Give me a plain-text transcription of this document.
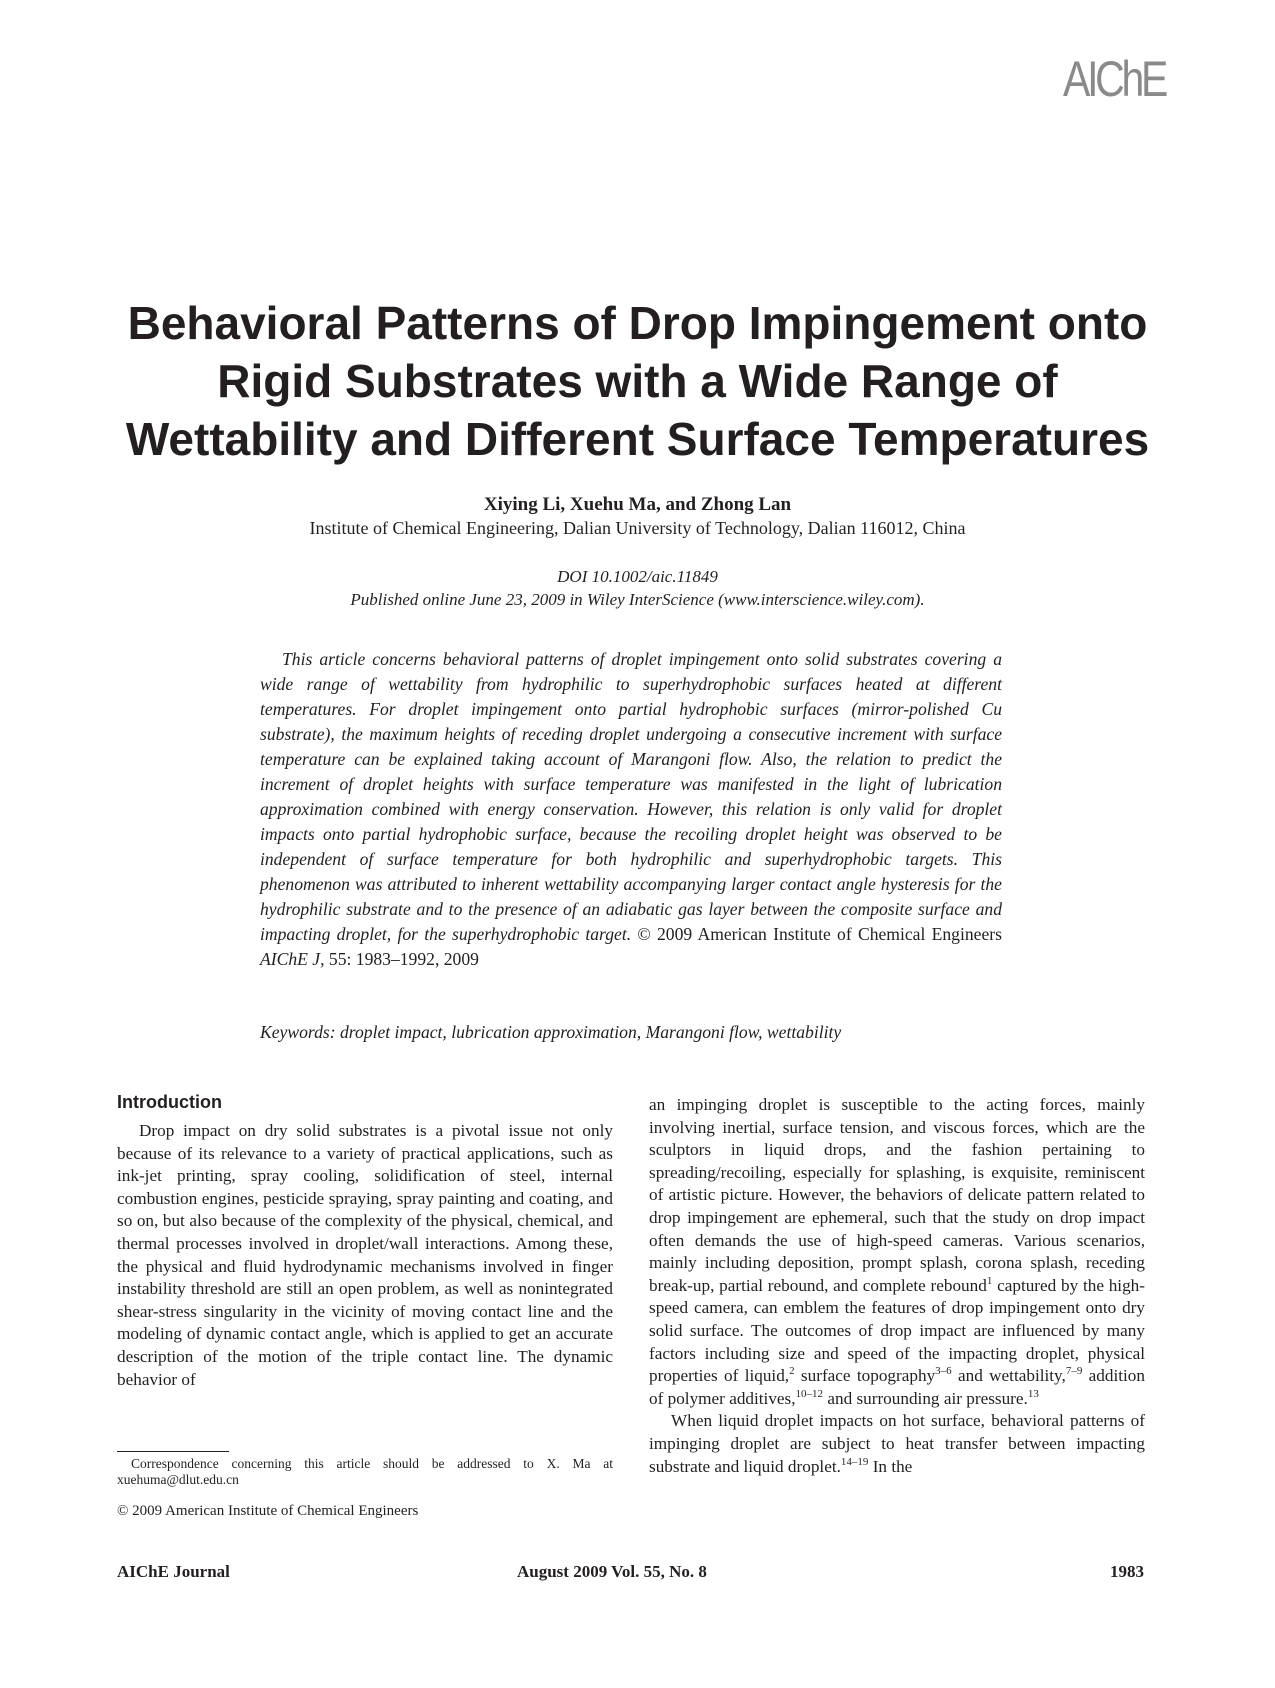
AIChE
Behavioral Patterns of Drop Impingement onto
Rigid Substrates with a Wide Range of
Wettability and Different Surface Temperatures
Xiying Li, Xuehu Ma, and Zhong Lan
Institute of Chemical Engineering, Dalian University of Technology, Dalian 116012, China
DOI 10.1002/aic.11849
Published online June 23, 2009 in Wiley InterScience (www.interscience.wiley.com).

This article concerns behavioral patterns of droplet impingement onto solid substrates covering a wide range of wettability from hydrophilic to superhydrophobic surfaces heated at different temperatures. For droplet impingement onto partial hydrophobic surfaces (mirror-polished Cu substrate), the maximum heights of receding droplet undergoing a consecutive increment with surface temperature can be explained taking account of Marangoni flow. Also, the relation to predict the increment of droplet heights with surface temperature was manifested in the light of lubrication approximation combined with energy conservation. However, this relation is only valid for droplet impacts onto partial hydrophobic surface, because the recoiling droplet height was observed to be independent of surface temperature for both hydrophilic and superhydrophobic targets. This phenomenon was attributed to inherent wettability accompanying larger contact angle hysteresis for the hydrophilic substrate and to the presence of an adiabatic gas layer between the composite surface and impacting droplet, for the superhydrophobic target. © 2009 American Institute of Chemical Engineers AIChE J, 55: 1983–1992, 2009

Keywords: droplet impact, lubrication approximation, Marangoni flow, wettability
Introduction

Drop impact on dry solid substrates is a pivotal issue not only because of its relevance to a variety of practical applications, such as ink-jet printing, spray cooling, solidification of steel, internal combustion engines, pesticide spraying, spray painting and coating, and so on, but also because of the complexity of the physical, chemical, and thermal processes involved in droplet/wall interactions. Among these, the physical and fluid hydrodynamic mechanisms involved in finger instability threshold are still an open problem, as well as nonintegrated shear-stress singularity in the vicinity of moving contact line and the modeling of dynamic contact angle, which is applied to get an accurate description of the motion of the triple contact line. The dynamic behavior of

an impinging droplet is susceptible to the acting forces, mainly involving inertial, surface tension, and viscous forces, which are the sculptors in liquid drops, and the fashion pertaining to spreading/recoiling, especially for splashing, is exquisite, reminiscent of artistic picture. However, the behaviors of delicate pattern related to drop impingement are ephemeral, such that the study on drop impact often demands the use of high-speed cameras. Various scenarios, mainly including deposition, prompt splash, corona splash, receding break-up, partial rebound, and complete rebound$^1$ captured by the high-speed camera, can emblem the features of drop impingement onto dry solid surface. The outcomes of drop impact are influenced by many factors including size and speed of the impacting droplet, physical properties of liquid,$^2$ surface topography$^{3-6}$ and wettability,$^{7-9}$ addition of polymer additives,$^{10-12}$ and surrounding air pressure.$^{13}$

When liquid droplet impacts on hot surface, behavioral patterns of impinging droplet are subject to heat transfer between impacting substrate and liquid droplet.$^{14-19}$ In the

Correspondence concerning this article should be addressed to X. Ma at xuehuma@dlut.edu.cn
© 2009 American Institute of Chemical Engineers
AIChE Journal	August 2009 Vol. 55, No. 8	1983
